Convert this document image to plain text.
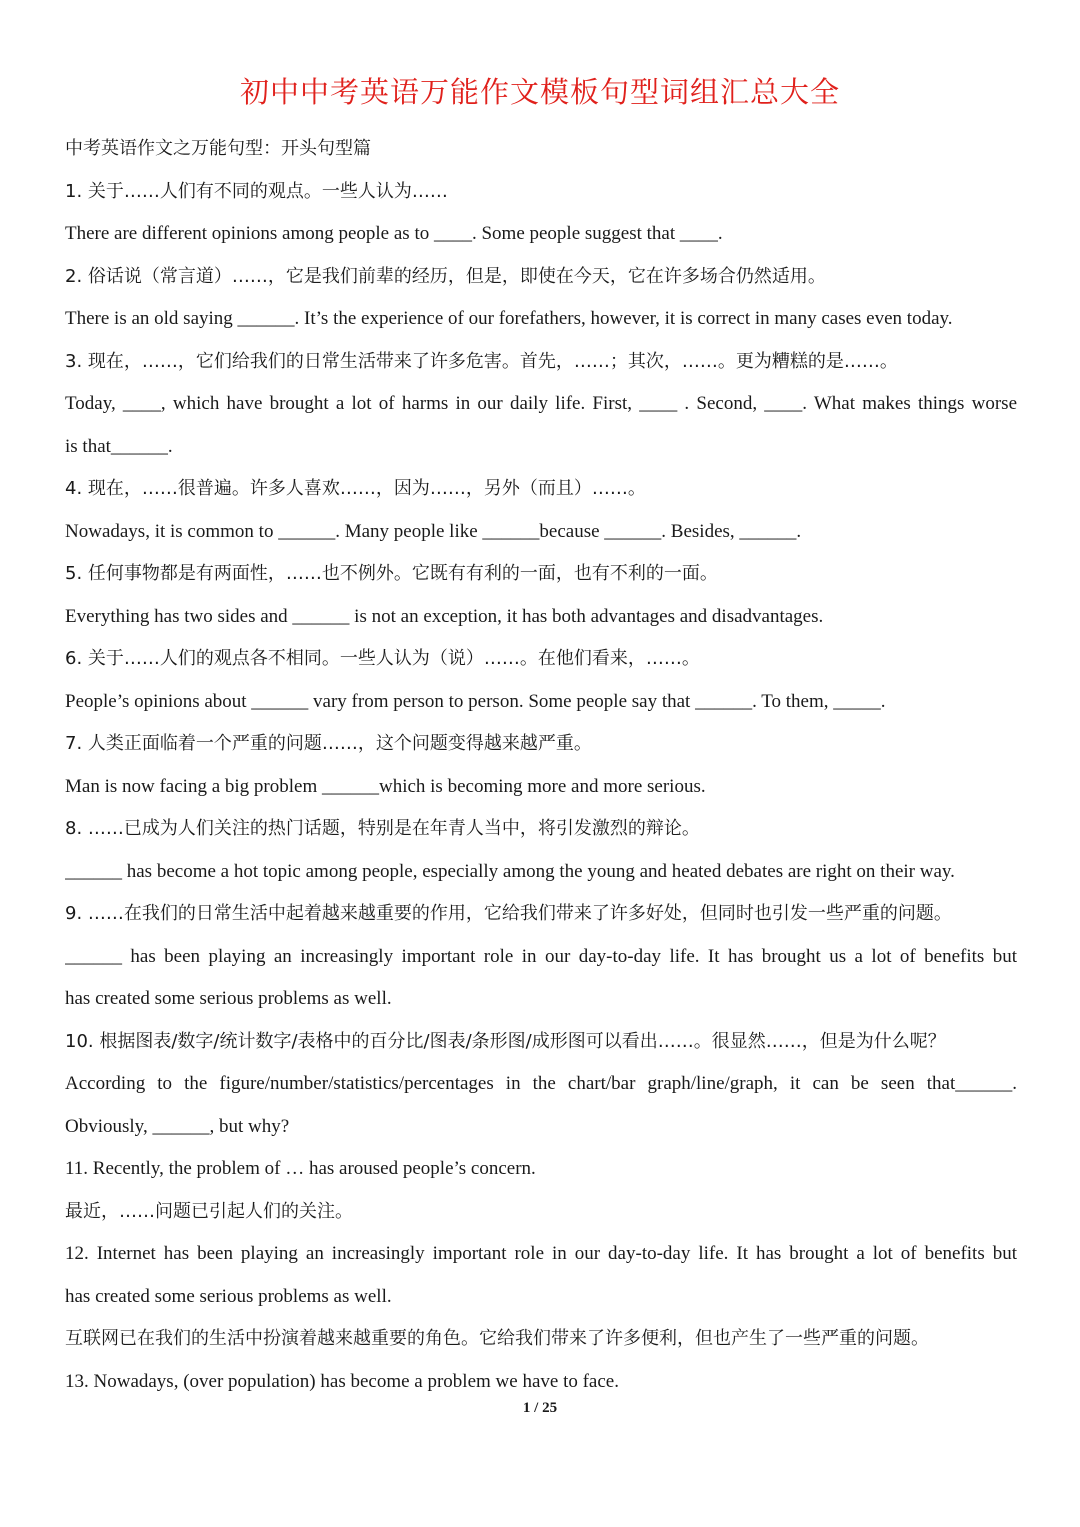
初中中考英语万能作文模板句型词组汇总大全
中考英语作文之万能句型：开头句型篇
1. 关于……人们有不同的观点。一些人认为……
There are different opinions among people as to ____. Some people suggest that ____.
2. 俗话说（常言道）……，它是我们前辈的经历，但是，即使在今天，它在许多场合仍然适用。
There is an old saying ______. It’s the experience of our forefathers, however, it is correct in many cases even today.
3. 现在，……，它们给我们的日常生活带来了许多危害。首先，……；其次，……。更为糟糕的是……。
Today, ____, which have brought a lot of harms in our daily life. First, ____ . Second, ____. What makes things worse
is that______.
4. 现在，……很普遍。许多人喜欢……，因为……，另外（而且）……。
Nowadays, it is common to ______. Many people like ______because ______. Besides, ______.
5. 任何事物都是有两面性，……也不例外。它既有有利的一面，也有不利的一面。
Everything has two sides and ______ is not an exception, it has both advantages and disadvantages.
6. 关于……人们的观点各不相同。一些人认为（说）……。在他们看来，……。
People’s opinions about ______ vary from person to person. Some people say that ______. To them, _____.
7. 人类正面临着一个严重的问题……，这个问题变得越来越严重。
Man is now facing a big problem ______which is becoming more and more serious.
8. ……已成为人们关注的热门话题，特别是在年青人当中，将引发激烈的辩论。
______ has become a hot topic among people, especially among the young and heated debates are right on their way.
9. ……在我们的日常生活中起着越来越重要的作用，它给我们带来了许多好处，但同时也引发一些严重的问题。
______ has been playing an increasingly important role in our day-to-day life. It has brought us a lot of benefits but
has created some serious problems as well.
10. 根据图表/数字/统计数字/表格中的百分比/图表/条形图/成形图可以看出……。很显然……，但是为什么呢？
According to the figure/number/statistics/percentages in the chart/bar graph/line/graph, it can be seen that______.
Obviously, ______, but why?
11. Recently, the problem of … has aroused people’s concern.
最近，……问题已引起人们的关注。
12. Internet has been playing an increasingly important role in our day-to-day life. It has brought a lot of benefits but
has created some serious problems as well.
互联网已在我们的生活中扮演着越来越重要的角色。它给我们带来了许多便利，但也产生了一些严重的问题。
13. Nowadays, (over population) has become a problem we have to face.
1 / 25
